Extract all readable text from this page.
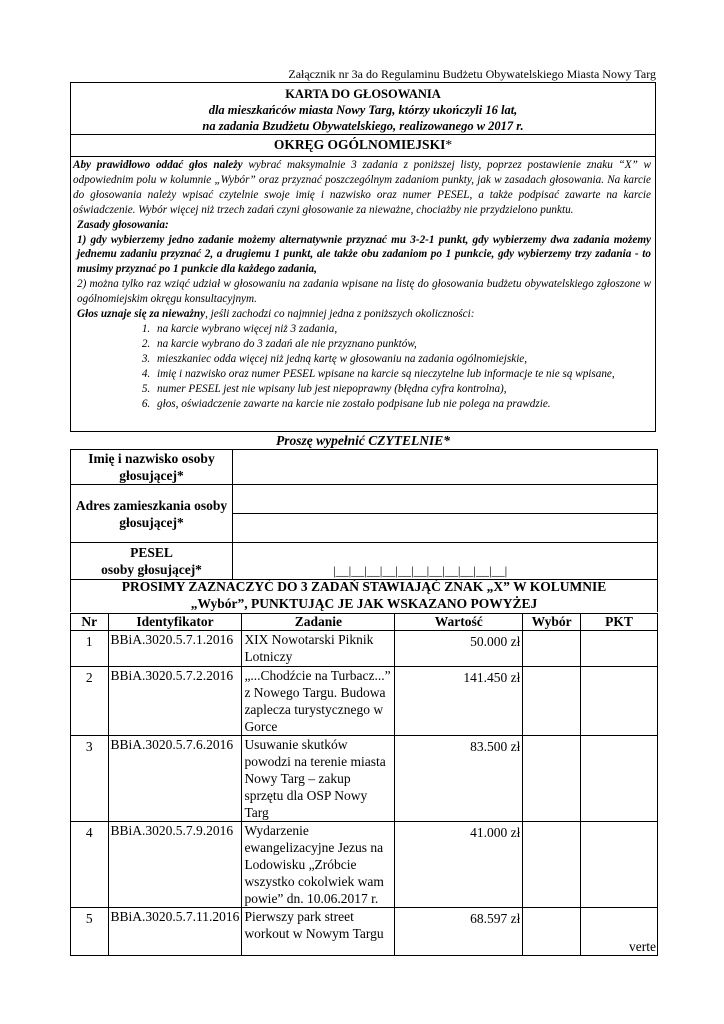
Załącznik nr 3a do Regulaminu Budżetu Obywatelskiego Miasta Nowy Targ
KARTA DO GŁOSOWANIA
dla mieszkańców miasta Nowy Targ, którzy ukończyli 16 lat,
na zadania Bzudżetu Obywatelskiego, realizowanego w 2017 r.
OKRĘG OGÓLNOMIEJSKI*

Aby prawidłowo oddać głos należy wybrać maksymalnie 3 zadania z poniższej listy, poprzez postawienie znaku “X” w odpowiednim polu w kolumnie „Wybór” oraz przyznać poszczególnym zadaniom punkty, jak w zasadach głosowania. Na karcie do głosowania należy wpisać czytelnie swoje imię i nazwisko oraz numer PESEL, a także podpisać zawarte na karcie oświadczenie. Wybór więcej niż trzech zadań czyni głosowanie za nieważne, chociażby nie przydzielono punktu.

Zasady głosowania:

1) gdy wybierzemy jedno zadanie możemy alternatywnie przyznać mu 3-2-1 punkt, gdy wybierzemy dwa zadania możemy jednemu zadaniu przyznać 2, a drugiemu 1 punkt, ale także obu zadaniom po 1 punkcie, gdy wybierzemy trzy zadania - to musimy przyznać po 1 punkcie dla każdego zadania,

2) można tylko raz wziąć udział w głosowaniu na zadania wpisane na listę do głosowania budżetu obywatelskiego zgłoszone w ogólnomiejskim okręgu konsultacyjnym.

Głos uznaje się za nieważny, jeśli zachodzi co najmniej jedna z poniższych okoliczności:

1. na karcie wybrano więcej niż 3 zadania,
2. na karcie wybrano do 3 zadań ale nie przyznano punktów,
3. mieszkaniec odda więcej niż jedną kartę w głosowaniu na zadania ogólnomiejskie,
4. imię i nazwisko oraz numer PESEL wpisane na karcie są nieczytelne lub informacje te nie są wpisane,
5. numer PESEL jest nie wpisany lub jest niepoprawny (błędna cyfra kontrolna),
6. głos, oświadczenie zawarte na karcie nie zostało podpisane lub nie polega na prawdzie.
Proszę wypełnić CZYTELNIE*
Imię i nazwisko osoby głosującej*	
Adres zamieszkania osoby głosującej*	

PESEL
osoby głosującej*	|__|__|__|__|__|__|__|__|__|__|__|
PROSIMY ZAZNACZYĆ DO 3 ZADAŃ STAWIAJĄĆ ZNAK „X” W KOLUMNIE
„Wybór”, PUNKTUJĄC JE JAK WSKAZANO POWYŻEJ
Nr	Identyfikator	Zadanie	Wartość	Wybór	PKT
1	BBiA.3020.5.7.1.2016	XIX Nowotarski Piknik Lotniczy	50.000 zł		
2	BBiA.3020.5.7.2.2016	„...Chodźcie na Turbacz...” z Nowego Targu. Budowa zaplecza turystycznego w Gorce	141.450 zł		
3	BBiA.3020.5.7.6.2016	Usuwanie skutków powodzi na terenie miasta Nowy Targ – zakup sprzętu dla OSP Nowy Targ	83.500 zł		
4	BBiA.3020.5.7.9.2016	Wydarzenie ewangelizacyjne Jezus na Lodowisku „Zróbcie wszystko cokolwiek wam powie” dn. 10.06.2017 r.	41.000 zł		
5	BBiA.3020.5.7.11.2016	Pierwszy park street workout w Nowym Targu	68.597 zł		
verte
